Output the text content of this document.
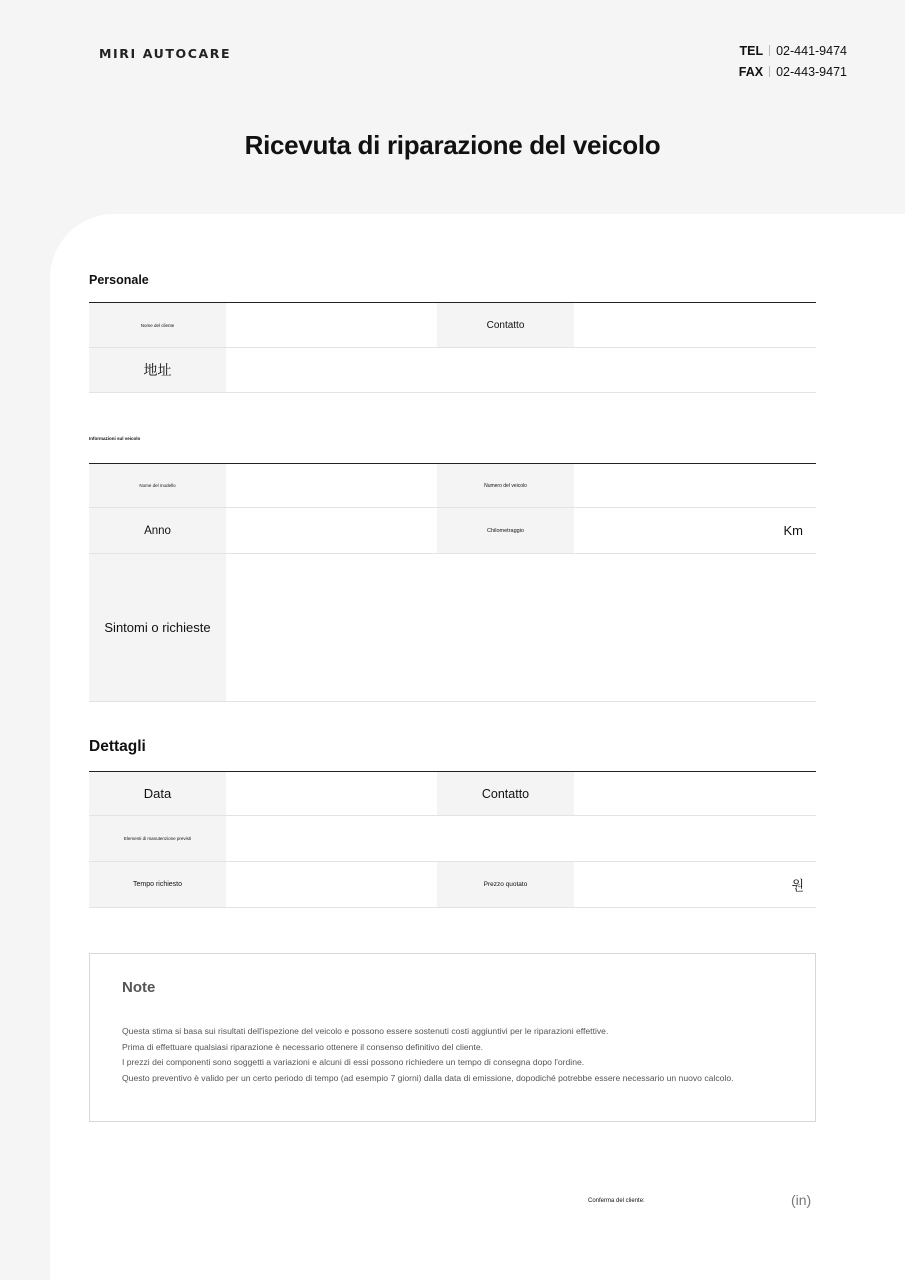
MIRI AUTOCARE	TEL 02-441-9474
FAX 02-443-9471
Ricevuta di riparazione del veicolo
Personale
Nome del cliente	Contatto
地址
Informazioni sul veicolo
Nome del modello	Numero del veicolo
Anno	Chilometraggio	Km
Sintomi o richieste
Dettagli
Data	Contatto
Elementi di manutenzione previsti
Tempo richiesto	Prezzo quotato	원
Note
Questa stima si basa sui risultati dell'ispezione del veicolo e possono essere sostenuti costi aggiuntivi per le riparazioni effettive.
Prima di effettuare qualsiasi riparazione è necessario ottenere il consenso definitivo del cliente.
I prezzi dei componenti sono soggetti a variazioni e alcuni di essi possono richiedere un tempo di consegna dopo l'ordine.
Questo preventivo è valido per un certo periodo di tempo (ad esempio 7 giorni) dalla data di emissione, dopodiché potrebbe essere necessario un nuovo calcolo.
Conferma del cliente:	(in)
